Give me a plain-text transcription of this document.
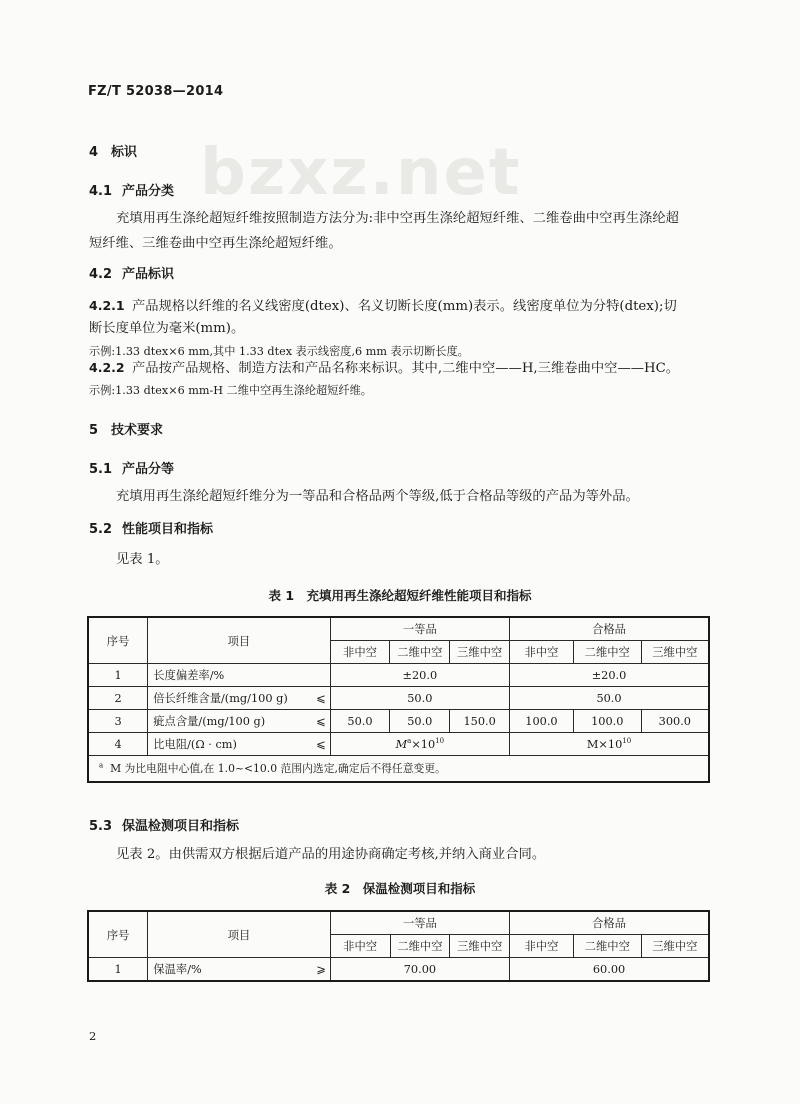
FZ/T 52038—2014
bzxz.net
4 标识
4.1 产品分类
充填用再生涤纶超短纤维按照制造方法分为:非中空再生涤纶超短纤维、二维卷曲中空再生涤纶超
短纤维、三维卷曲中空再生涤纶超短纤维。
4.2 产品标识
4.2.1 产品规格以纤维的名义线密度(dtex)、名义切断长度(mm)表示。线密度单位为分特(dtex);切
断长度单位为毫米(mm)。
示例:1.33 dtex×6 mm,其中 1.33 dtex 表示线密度,6 mm 表示切断长度。
4.2.2 产品按产品规格、制造方法和产品名称来标识。其中,二维中空——H,三维卷曲中空——HC。
示例:1.33 dtex×6 mm-H 二维中空再生涤纶超短纤维。
5 技术要求
5.1 产品分等
充填用再生涤纶超短纤维分为一等品和合格品两个等级,低于合格品等级的产品为等外品。
5.2 性能项目和指标
见表 1。
表 1　充填用再生涤纶超短纤维性能项目和指标
序号	项目		一等品			合格品		
			非中空	二维中空	三维中空	非中空	二维中空	三维中空
1	长度偏差率/%		±20.0			±20.0		
2	倍长纤维含量/(mg/100 g)	⩽	50.0			50.0		
3	疵点含量/(mg/100 g)	⩽	50.0	50.0	150.0	100.0	100.0	300.0
4	比电阻/(Ω · cm)	⩽	$M^a\times 10^{10}$			$M\times 10^{10}$
$^a$ M 为比电阻中心值,在 1.0~<10.0 范围内选定,确定后不得任意变更。								
5.3 保温检测项目和指标
见表 2。由供需双方根据后道产品的用途协商确定考核,并纳入商业合同。
表 2　保温检测项目和指标
序号	项目		一等品			合格品		
			非中空	二维中空	三维中空	非中空	二维中空	三维中空
1	保温率/%	⩾	70.00			60.00		
2
